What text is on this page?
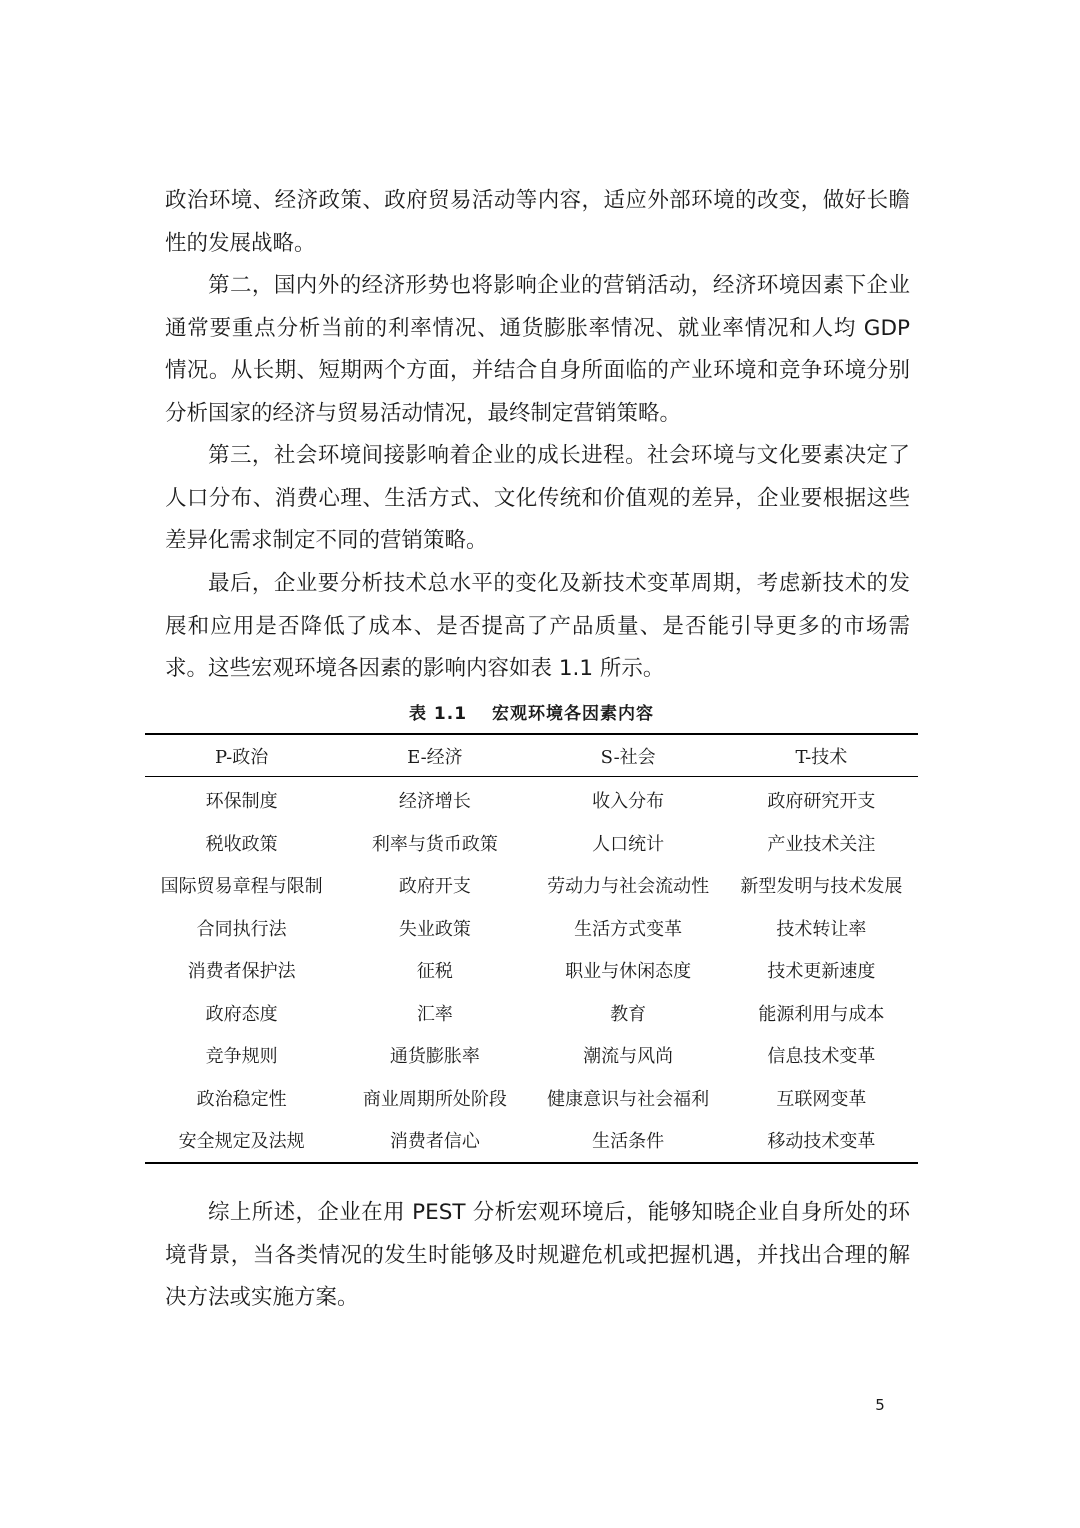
政治环境、经济政策、政府贸易活动等内容，适应外部环境的改变，做好长瞻性的发展战略。

第二，国内外的经济形势也将影响企业的营销活动，经济环境因素下企业通常要重点分析当前的利率情况、通货膨胀率情况、就业率情况和人均 GDP 情况。从长期、短期两个方面，并结合自身所面临的产业环境和竞争环境分别分析国家的经济与贸易活动情况，最终制定营销策略。

第三，社会环境间接影响着企业的成长进程。社会环境与文化要素决定了人口分布、消费心理、生活方式、文化传统和价值观的差异，企业要根据这些差异化需求制定不同的营销策略。

最后，企业要分析技术总水平的变化及新技术变革周期，考虑新技术的发展和应用是否降低了成本、是否提高了产品质量、是否能引导更多的市场需求。这些宏观环境各因素的影响内容如表 1.1 所示。

表 1.1　 宏观环境各因素内容

P-政治	E-经济	S-社会	T-技术
环保制度	经济增长	收入分布	政府研究开支
税收政策	利率与货币政策	人口统计	产业技术关注
国际贸易章程与限制	政府开支	劳动力与社会流动性	新型发明与技术发展
合同执行法	失业政策	生活方式变革	技术转让率
消费者保护法	征税	职业与休闲态度	技术更新速度
政府态度	汇率	教育	能源利用与成本
竞争规则	通货膨胀率	潮流与风尚	信息技术变革
政治稳定性	商业周期所处阶段	健康意识与社会福利	互联网变革
安全规定及法规	消费者信心	生活条件	移动技术变革

综上所述，企业在用 PEST 分析宏观环境后，能够知晓企业自身所处的环境背景，当各类情况的发生时能够及时规避危机或把握机遇，并找出合理的解决方法或实施方案。

5
